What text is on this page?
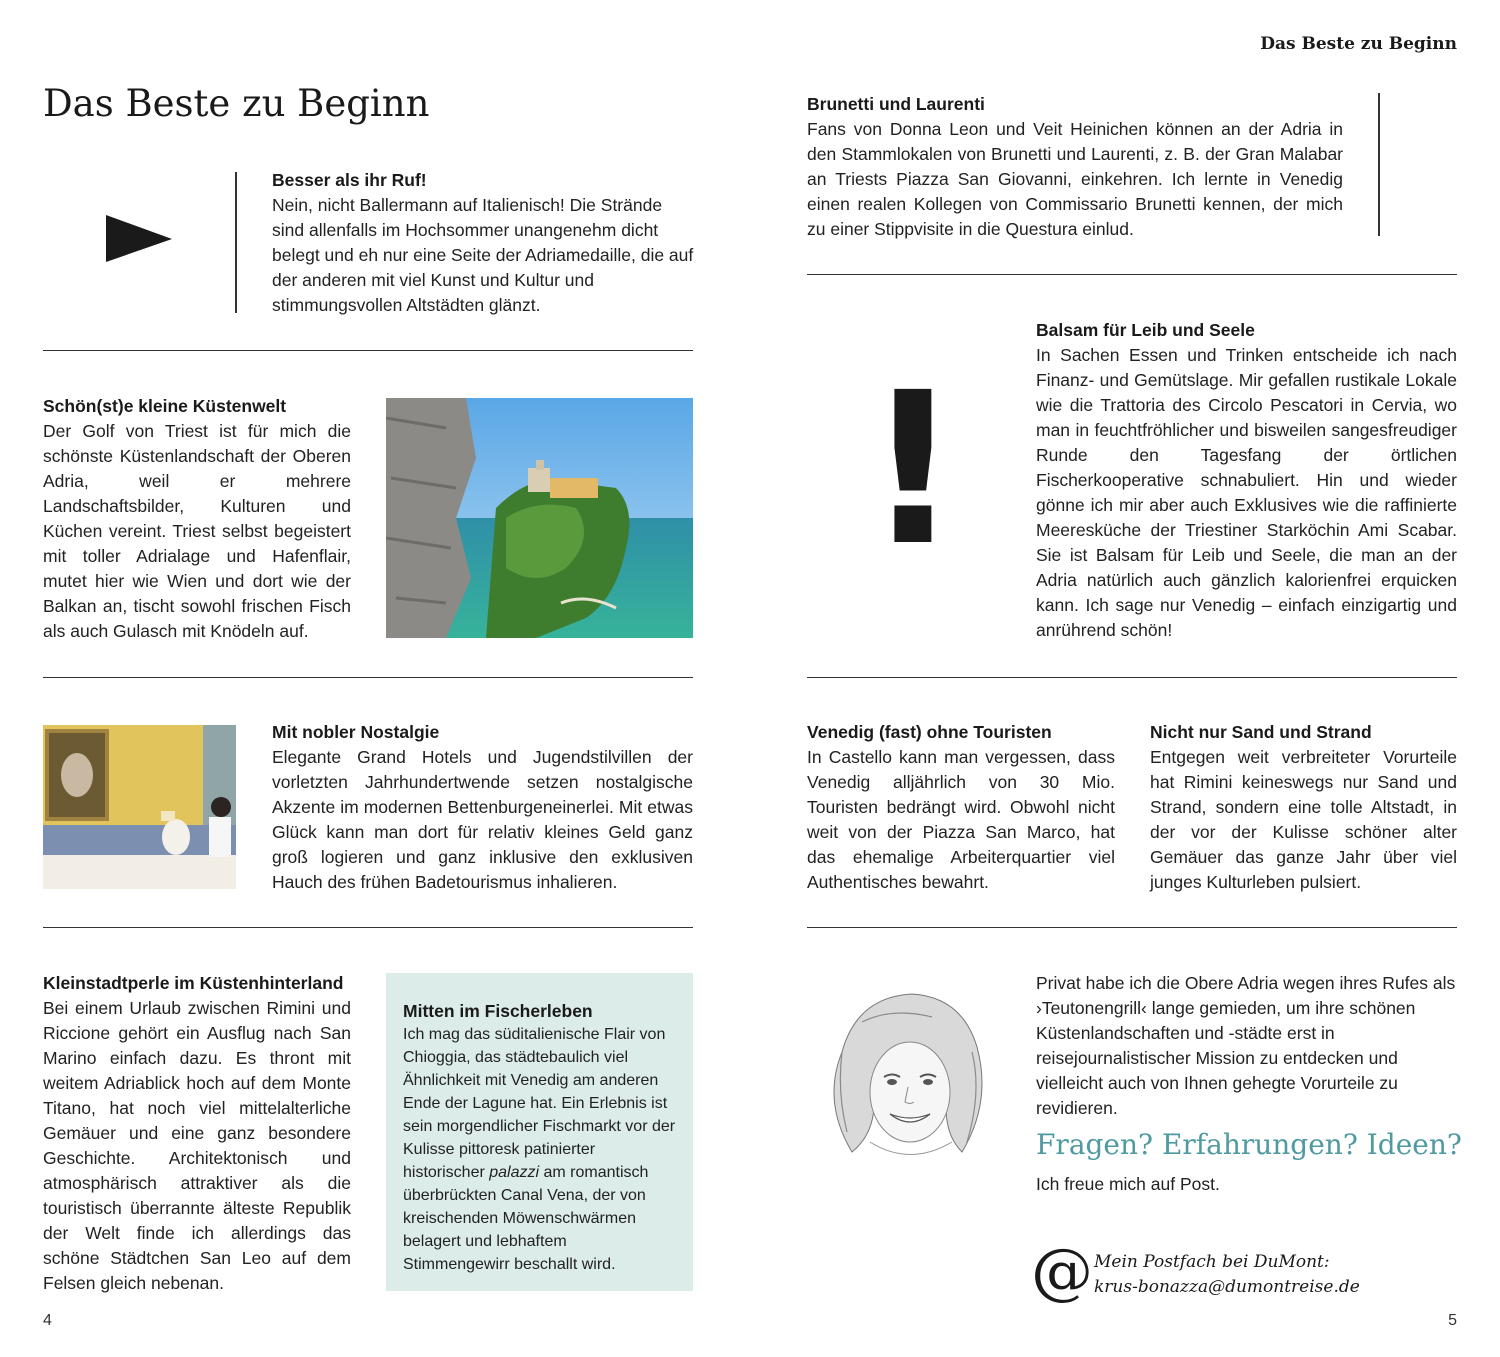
Das Beste zu Beginn
Das Beste zu Beginn
Besser als ihr Ruf!

Nein, nicht Ballermann auf Italienisch! Die Strände sind allenfalls im Hochsommer unangenehm dicht belegt und eh nur eine Seite der Adriamedaille, die auf der anderen mit viel Kunst und Kultur und stimmungsvollen Altstädten glänzt.

Schön(st)e kleine Küstenwelt

Der Golf von Triest ist für mich die schönste Küstenlandschaft der Oberen Adria, weil er mehrere Landschaftsbilder, Kulturen und Küchen vereint. Triest selbst begeistert mit toller Adrialage und Hafenflair, mutet hier wie Wien und dort wie der Balkan an, tischt sowohl frischen Fisch als auch Gulasch mit Knödeln auf.

Mit nobler Nostalgie

Elegante Grand Hotels und Jugendstilvillen der vorletzten Jahrhundertwende setzen nostalgische Akzente im modernen Bettenburgeneinerlei. Mit etwas Glück kann man dort für relativ kleines Geld ganz groß logieren und ganz inklusive den exklusiven Hauch des frühen Badetourismus inhalieren.

Kleinstadtperle im Küstenhinterland

Bei einem Urlaub zwischen Rimini und Riccione gehört ein Ausflug nach San Marino einfach dazu. Es thront mit weitem Adriablick hoch auf dem Monte Titano, hat noch viel mittelalterliche Gemäuer und eine ganz besondere Geschichte. Architektonisch und atmosphärisch attraktiver als die touristisch überrannte älteste Republik der Welt finde ich allerdings das schöne Städtchen San Leo auf dem Felsen gleich nebenan.

Mitten im Fischerleben

Ich mag das süditalienische Flair von Chioggia, das städtebaulich viel Ähnlichkeit mit Venedig am anderen Ende der Lagune hat. Ein Erlebnis ist sein morgendlicher Fischmarkt vor der Kulisse pittoresk patinierter historischer palazzi am romantisch überbrückten Canal Vena, der von kreischenden Möwenschwärmen belagert und lebhaftem Stimmengewirr beschallt wird.

4
Brunetti und Laurenti

Fans von Donna Leon und Veit Heinichen können an der Adria in den Stammlokalen von Brunetti und Laurenti, z. B. der Gran Malabar an Triests Piazza San Giovanni, einkehren. Ich lernte in Venedig einen realen Kollegen von Commissario Brunetti kennen, der mich zu einer Stippvisite in die Questura einlud.

!
Balsam für Leib und Seele

In Sachen Essen und Trinken entscheide ich nach Finanz- und Gemütslage. Mir gefallen rustikale Lokale wie die Trattoria des Circolo Pescatori in Cervia, wo man in feuchtfröhlicher und bisweilen sangesfreudiger Runde den Tagesfang der örtlichen Fischerkooperative schnabuliert. Hin und wieder gönne ich mir aber auch Exklusives wie die raffinierte Meeresküche der Triestiner Starköchin Ami Scabar. Sie ist Balsam für Leib und Seele, die man an der Adria natürlich auch gänzlich kalorienfrei erquicken kann. Ich sage nur Venedig – einfach einzigartig und anrührend schön!

Venedig (fast) ohne Touristen

In Castello kann man vergessen, dass Venedig alljährlich von 30 Mio. Touristen bedrängt wird. Obwohl nicht weit von der Piazza San Marco, hat das ehemalige Arbeiterquartier viel Authentisches bewahrt.

Nicht nur Sand und Strand

Entgegen weit verbreiteter Vorurteile hat Rimini keineswegs nur Sand und Strand, sondern eine tolle Altstadt, in der vor der Kulisse schöner alter Gemäuer das ganze Jahr über viel junges Kulturleben pulsiert.

Privat habe ich die Obere Adria wegen ihres Rufes als ›Teutonengrill‹ lange gemieden, um ihre schönen Küstenlandschaften und -städte erst in reisejournalistischer Mission zu entdecken und vielleicht auch von Ihnen gehegte Vorurteile zu revidieren.

Fragen? Erfahrungen? Ideen?

Ich freue mich auf Post.

@ Mein Postfach bei DuMont:
krus-bonazza@dumontreise.de
5
